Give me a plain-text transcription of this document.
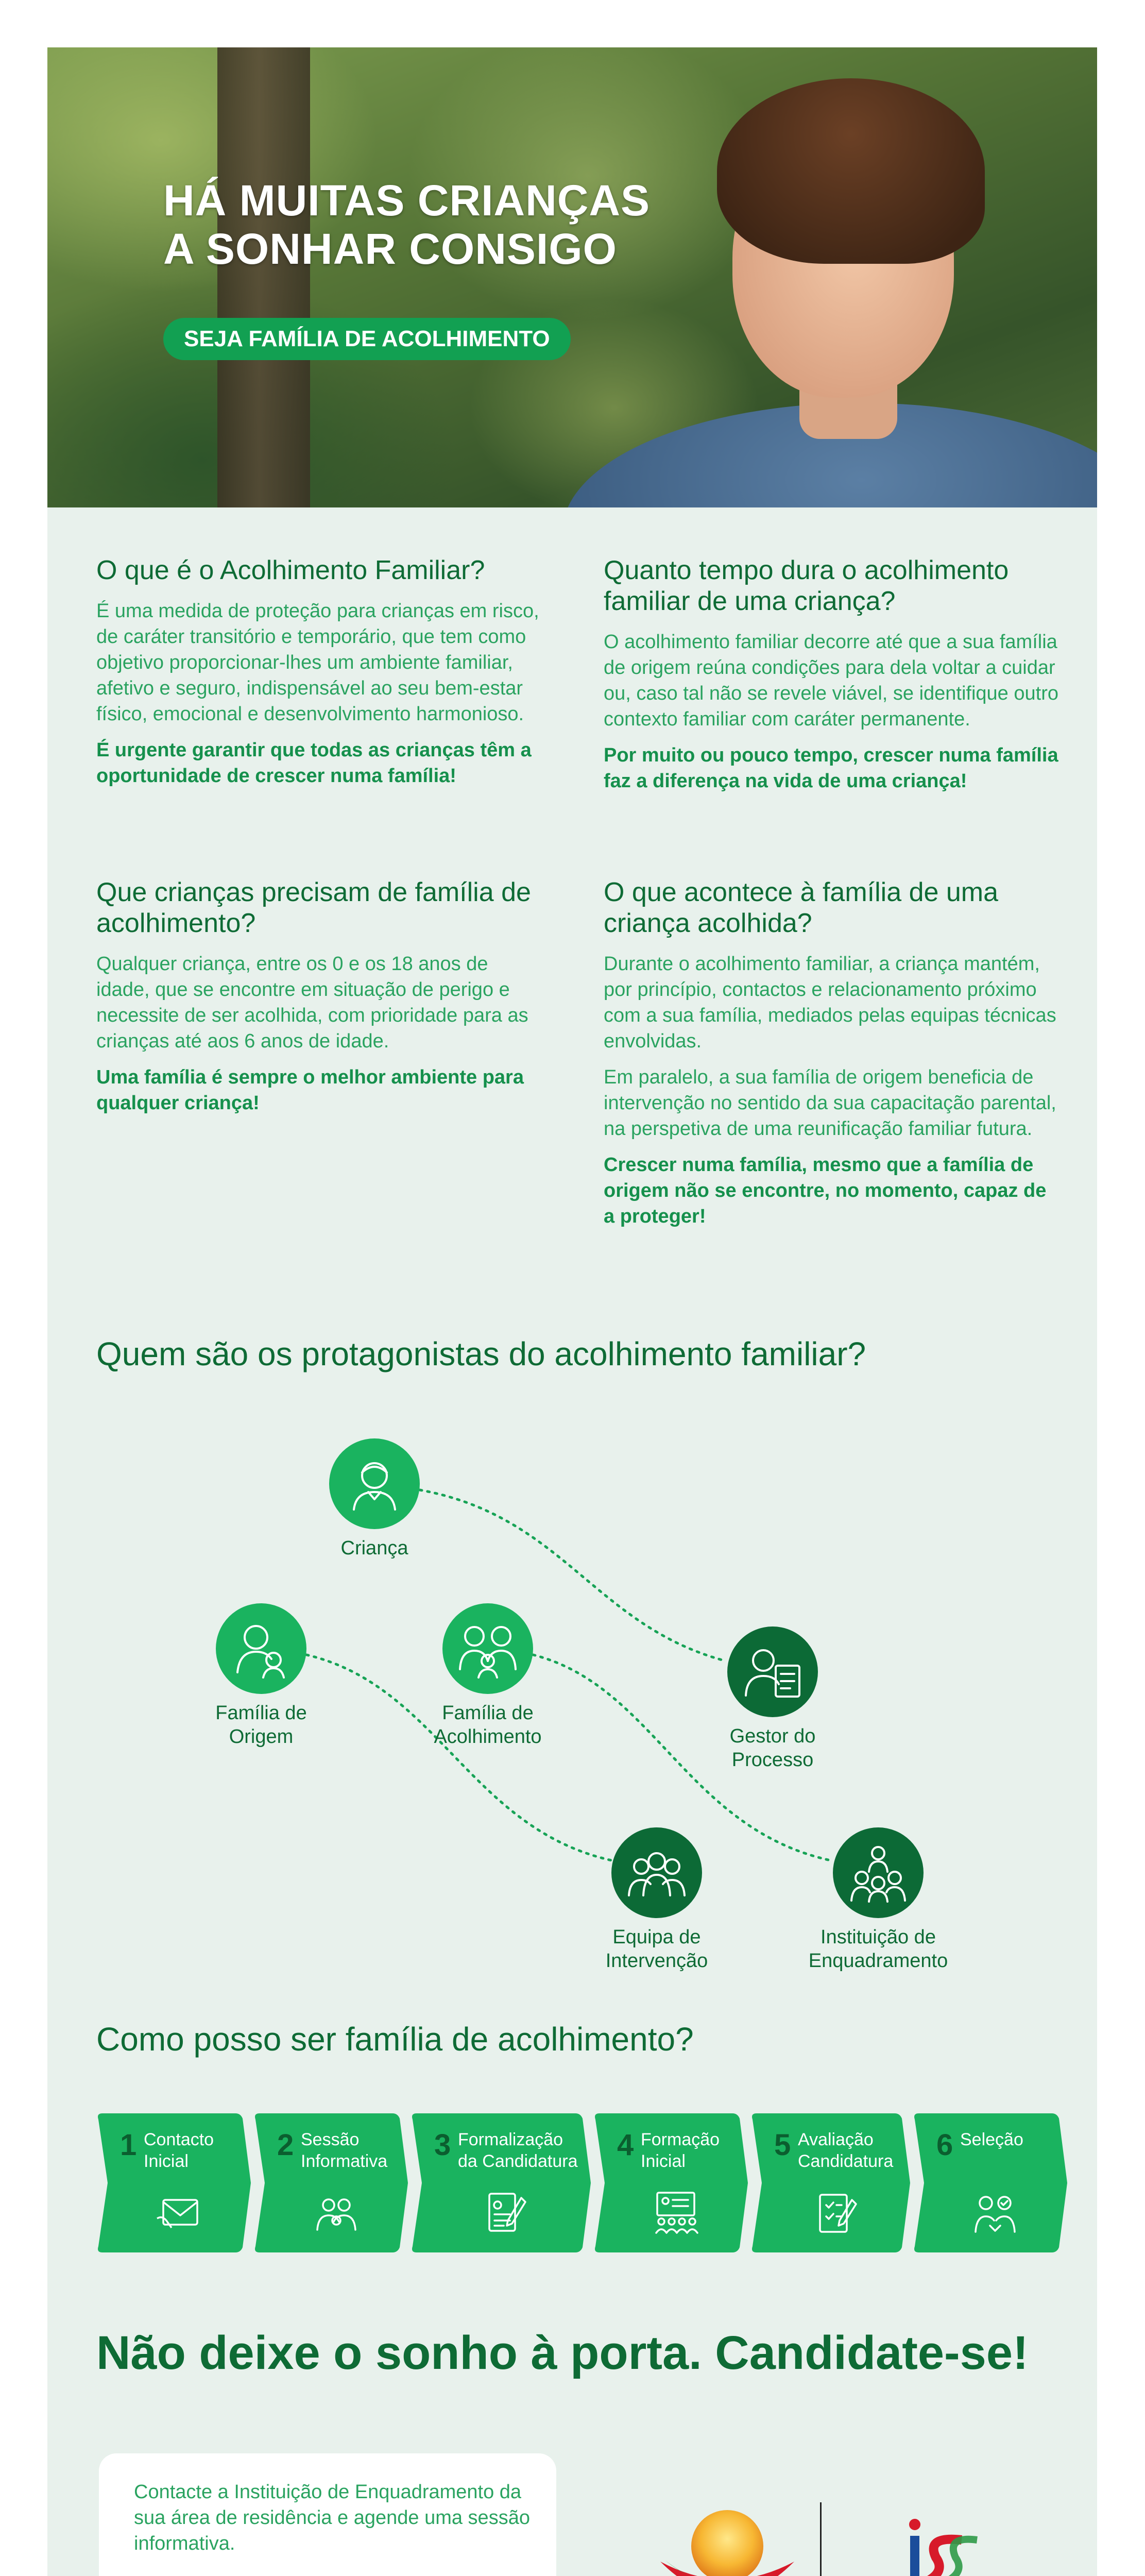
HÁ MUITAS CRIANÇAS
A SONHAR CONSIGO
SEJA FAMÍLIA DE ACOLHIMENTO
O que é o Acolhimento Familiar?

É uma medida de proteção para crianças em risco, de caráter transitório e temporário, que tem como objetivo proporcionar-lhes um ambiente familiar, afetivo e seguro, indispensável ao seu bem-estar físico, emocional e desenvolvimento harmonioso.

É urgente garantir que todas as crianças têm a oportunidade de crescer numa família!

Quanto tempo dura o acolhimento familiar de uma criança?

O acolhimento familiar decorre até que a sua família de origem reúna condições para dela voltar a cuidar ou, caso tal não se revele viável, se identifique outro contexto familiar com caráter permanente.

Por muito ou pouco tempo, crescer numa família faz a diferença na vida de uma criança!

Que crianças precisam de família de acolhimento?

Qualquer criança, entre os 0 e os 18 anos de idade, que se encontre em situação de perigo e necessite de ser acolhida, com prioridade para as crianças até aos 6 anos de idade.

Uma família é sempre o melhor ambiente para qualquer criança!

O que acontece à família de uma criança acolhida?

Durante o acolhimento familiar, a criança mantém, por princípio, contactos e relacionamento próximo com a sua família, mediados pelas equipas técnicas envolvidas.

Em paralelo, a sua família de origem beneficia de intervenção no sentido da sua capacitação parental, na perspetiva de uma reunificação familiar futura.

Crescer numa família, mesmo que a família de origem não se encontre, no momento, capaz de a proteger!

Quem são os protagonistas do acolhimento familiar?
Criança
Família de
Origem
Família de
Acolhimento	Gestor do
Processo
Equipa de
Intervenção
Instituição de
Enquadramento
Como posso ser família de acolhimento?
1 Contacto
Inicial	2 Sessão
Informativa 3 Formalização
da Candidatura 4 Formação
Inicial	5 Avaliação
Candidatura 6 Seleção
Não deixe o sonho à porta. Candidate-se!

Contacte a Instituição de Enquadramento da sua área de residência e agende uma sessão informativa.
